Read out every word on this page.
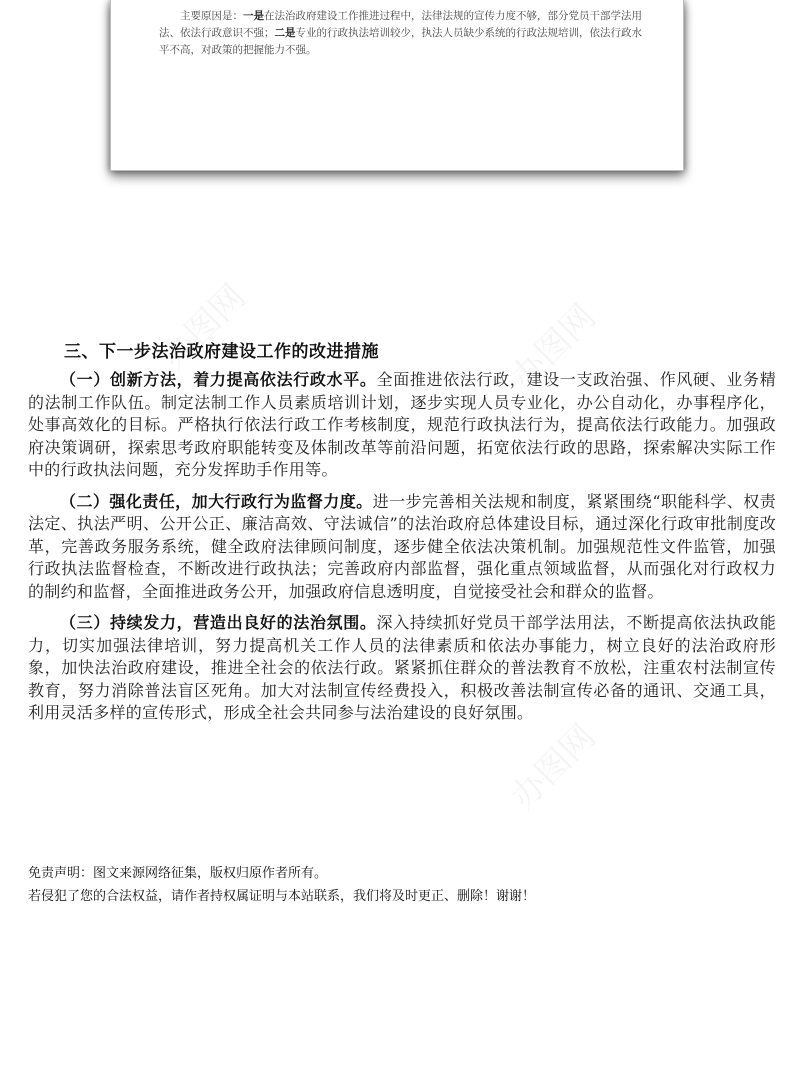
主要原因是：一是在法治政府建设工作推进过程中，法律法规的宣传力度不够，部分党员干部学法用法、依法行政意识不强；二是专业的行政执法培训较少，执法人员缺少系统的行政法规培训，依法行政水平不高，对政策的把握能力不强。

三、下一步法治政府建设工作的改进措施

（一）创新方法，着力提高依法行政水平。全面推进依法行政，建设一支政治强、作风硬、业务精的法制工作队伍。制定法制工作人员素质培训计划，逐步实现人员专业化，办公自动化，办事程序化，处事高效化的目标。严格执行依法行政工作考核制度，规范行政执法行为，提高依法行政能力。加强政府决策调研，探索思考政府职能转变及体制改革等前沿问题，拓宽依法行政的思路，探索解决实际工作中的行政执法问题，充分发挥助手作用等。

（二）强化责任，加大行政行为监督力度。进一步完善相关法规和制度，紧紧围绕“职能科学、权责法定、执法严明、公开公正、廉洁高效、守法诚信”的法治政府总体建设目标，通过深化行政审批制度改革，完善政务服务系统，健全政府法律顾问制度，逐步健全依法决策机制。加强规范性文件监管，加强行政执法监督检查，不断改进行政执法；完善政府内部监督，强化重点领域监督，从而强化对行政权力的制约和监督，全面推进政务公开，加强政府信息透明度，自觉接受社会和群众的监督。

（三）持续发力，营造出良好的法治氛围。深入持续抓好党员干部学法用法，不断提高依法执政能力，切实加强法律培训，努力提高机关工作人员的法律素质和依法办事能力，树立良好的法治政府形象，加快法治政府建设，推进全社会的依法行政。紧紧抓住群众的普法教育不放松，注重农村法制宣传教育，努力消除普法盲区死角。加大对法制宣传经费投入，积极改善法制宣传必备的通讯、交通工具，利用灵活多样的宣传形式，形成全社会共同参与法治建设的良好氛围。

免责声明：图文来源网络征集，版权归原作者所有。
若侵犯了您的合法权益，请作者持权属证明与本站联系，我们将及时更正、删除！谢谢！
